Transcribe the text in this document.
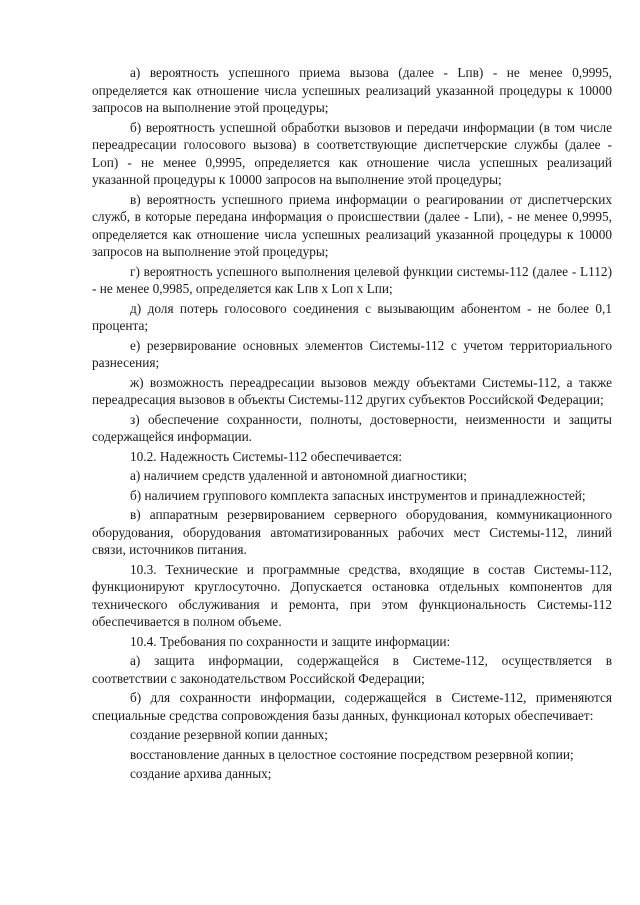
а) вероятность успешного приема вызова (далее - Lпв) - не менее 0,9995, определяется как отношение числа успешных реализаций указанной процедуры к 10000 запросов на выполнение этой процедуры;

б) вероятность успешной обработки вызовов и передачи информации (в том числе переадресации голосового вызова) в соответствующие диспетчерские службы (далее - Lоп) - не менее 0,9995, определяется как отношение числа успешных реализаций указанной процедуры к 10000 запросов на выполнение этой процедуры;

в) вероятность успешного приема информации о реагировании от диспетчерских служб, в которые передана информация о происшествии (далее - Lпи), - не менее 0,9995, определяется как отношение числа успешных реализаций указанной процедуры к 10000 запросов на выполнение этой процедуры;

г) вероятность успешного выполнения целевой функции системы-112 (далее - L112) - не менее 0,9985, определяется как Lпв х Lоп х Lпи;

д) доля потерь голосового соединения с вызывающим абонентом - не более 0,1 процента;

е) резервирование основных элементов Системы-112 с учетом территориального разнесения;

ж) возможность переадресации вызовов между объектами Системы-112, а также переадресация вызовов в объекты Системы-112 других субъектов Российской Федерации;

з) обеспечение сохранности, полноты, достоверности, неизменности и защиты содержащейся информации.

10.2. Надежность Системы-112 обеспечивается:

а) наличием средств удаленной и автономной диагностики;

б) наличием группового комплекта запасных инструментов и принадлежностей;

в) аппаратным резервированием серверного оборудования, коммуникационного оборудования, оборудования автоматизированных рабочих мест Системы-112, линий связи, источников питания.

10.3. Технические и программные средства, входящие в состав Системы-112, функционируют круглосуточно. Допускается остановка отдельных компонентов для технического обслуживания и ремонта, при этом функциональность Системы-112 обеспечивается в полном объеме.

10.4. Требования по сохранности и защите информации:

а) защита информации, содержащейся в Системе-112, осуществляется в соответствии с законодательством Российской Федерации;

б) для сохранности информации, содержащейся в Системе-112, применяются специальные средства сопровождения базы данных, функционал которых обеспечивает:

создание резервной копии данных;

восстановление данных в целостное состояние посредством резервной копии;

создание архива данных;
